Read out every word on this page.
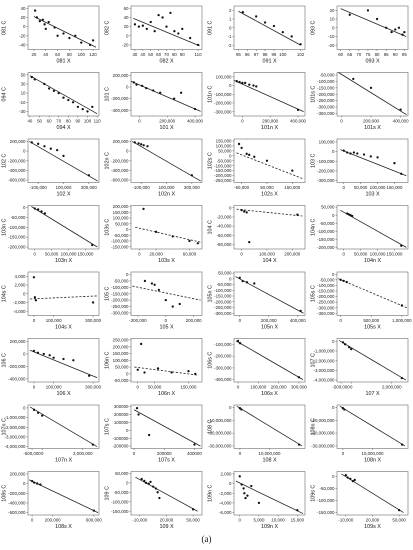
40
20
0
-20
-40
20 40 60 80 100 120
081 X
081 C
60
40
20
0
-20
30 40 50 60 70 80 90 110
082 X
082 C
2
1
0
-1
-2
95 96 97 98 99 100 102
091 X
091 C
20
10
0
-10
-20
60 65 70 75 80 85 90 95
093 X
093 C
50
30
10
-10
-30
40 50 60 70 80 90 100 110
094 X
094 C
200,000
0
-200,000
-400,000
0	200,000	400,000
101 X
101 C
100,000
0
-100,000
-200,000
-300,000
0	200,000	400,000
101n X
101n C
-50,000
-100,000
-150,000
-200,000
-250,000
-300,000
-350,000
0	200,000	400,000
101s X
101s C
200,000
0
-200,000
-400,000
-600,000
-100,000 100,000 300,000
102 X
102 C
200,000
0
-200,000
-400,000
-600,000
-100,000 100,000 300,000
102n X
102n C
150,000
100,000
50,000
0
-50,000
-100,000
-150,000
-200,000
-250,000
-50,000	50,000 150,000
102s X
102s C
100,000
0
-100,000
-200,000
-300,000
0 50,000 100,000 150,000
103 X
103 C
0
-50,000
-100,000
-150,000
-200,000
0 50,000 100,000 150,000
103n X
103n C
200,000
150,000
100,000
50,000
0
-50,000
-100,000
-150,000
0 20,000	60,000
103s X
103s C
0
-20,000
-40,000
-60,000
-80,000
0	100,000 200,000
104 X
104 C
50,000
0
-50,000
-100,000
-150,000
-200,000
0 50,000 100,000 150,000
104n X
104n C
4,000
2,000
0
-2,000
-4,000
0 100,000	300,000
104s X
104s C
0
-50,000
-100,000
-150,000
-200,000
-250,000
-300,000
-200,000	0	200,000
105 X
105 C
50,000
0
-50,000
-100,000
-150,000
-200,000
-250,000
-300,000
0	200,000	400,000
105n X
105n C
0
-50,000
-100,000
-150,000
-200,000
-250,000
-300,000
-350,000
0	500,000	1,000,000
105s X
105s C
200,000
0
-200,000
-400,000
0 100,000	300,000
106 X
106 C
250,000
200,000
150,000
100,000
50,000
0
-50,000
0 50,000	150,000
106n X
106n C
-100,000
-200,000
-300,000
-400,000
0	100,000 200,000 300,000
106s X
106s C
0
-1,000,000
-2,000,000
-3,000,000
-4,000,000
-500,000 0	2,000,000
107 X
107 C
0
-1,000,000
-2,000,000
-3,000,000
-4,000,000
-500,000 0	2,000,000
107n X
107n C
300000
200000
100000
0
-100000
-200000
0	200000	400000
107s X
107s C
0
-10,000,000
-20,000,000
-30,000,000
0	10,000,000
108 X
108 C
0
-10,000,000
-20,000,000
-30,000,000
0	10,000,000
108n X
108n C
200,000
0
-200,000
-400,000
-600,000
0	200,000	600,000
108s X
108s C
50,000
0
-50,000
-100,000
-150,000
-10,000	20,000	50,000
109 X
109 C
2,000
0
-2,000
-4,000
-6,000
0	5,000 10,000 15,000
109n X
109n C
0
-50,000
-100,000
-150,000
-10,000	20,000	50,000
109s X
109s C
(a)
